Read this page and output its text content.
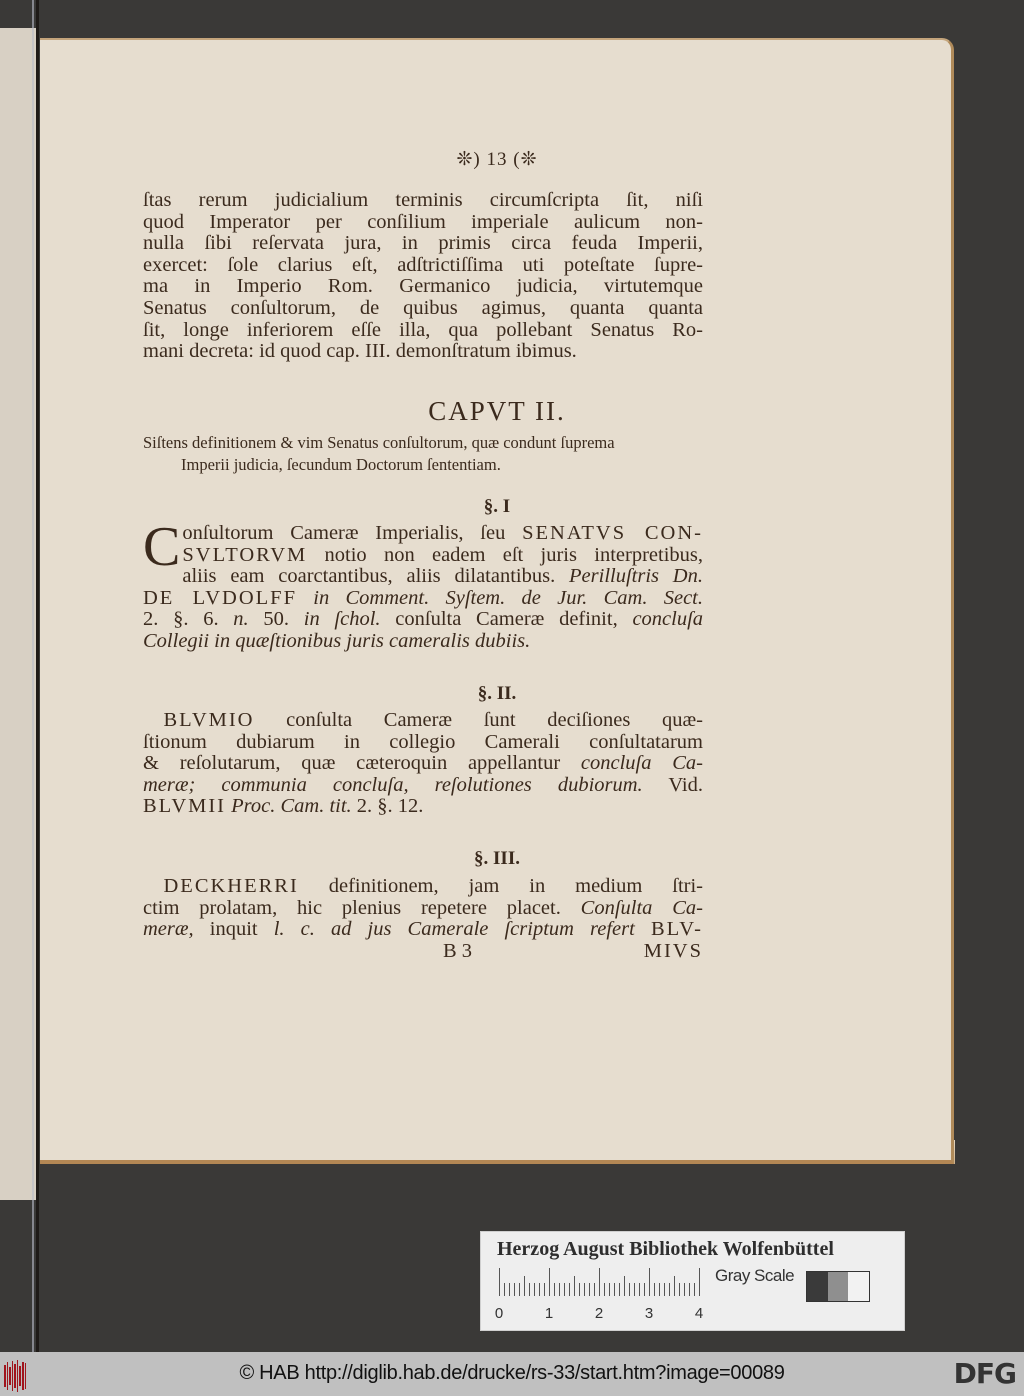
❊) 13 (❊
ſtas rerum judicialium terminis circumſcripta ſit, niſi
quod Imperator per conſilium imperiale aulicum non-
nulla ſibi reſervata jura, in primis circa feuda Imperii,
exercet: ſole clarius eſt, adſtrictiſſima uti poteſtate ſupre-
ma in Imperio Rom. Germanico judicia, virtutemque
Senatus conſultorum, de quibus agimus, quanta quanta
ſit, longe inferiorem eſſe illa, qua pollebant Senatus Ro-
mani decreta: id quod cap. III. demonſtratum ibimus.
CAPVT II.
Siſtens definitionem & vim Senatus conſultorum, quæ condunt ſuprema
Imperii judicia, ſecundum Doctorum ſententiam.
§. I
C onſultorum Cameræ Imperialis, ſeu SENATVS CON-
SVLTORVM notio non eadem eſt juris interpretibus,
aliis eam coarctantibus, aliis dilatantibus. Perilluſtris Dn.
DE LVDOLFF in Comment. Syſtem. de Jur. Cam. Sect.
2. §. 6. n. 50. in ſchol. conſulta Cameræ definit, concluſa
Collegii in quæſtionibus juris cameralis dubiis.
§. II.
 BLVMIO conſulta Cameræ ſunt deciſiones quæ-
ſtionum dubiarum in collegio Camerali conſultatarum
& reſolutarum, quæ cæteroquin appellantur concluſa Ca-
meræ; communia concluſa, reſolutiones dubiorum. Vid.
BLVMII Proc. Cam. tit. 2. §. 12.
§. III.
 DECKHERRI definitionem, jam in medium ſtri-
ctim prolatam, hic plenius repetere placet. Conſulta Ca-
meræ, inquit l. c. ad jus Camerale ſcriptum refert BLV-
B 3	MIVS
Herzog August Bibliothek Wolfenbüttel
0	1	2	3	4
Gray Scale
© HAB http://diglib.hab.de/drucke/rs-33/start.htm?image=00089	DFG
